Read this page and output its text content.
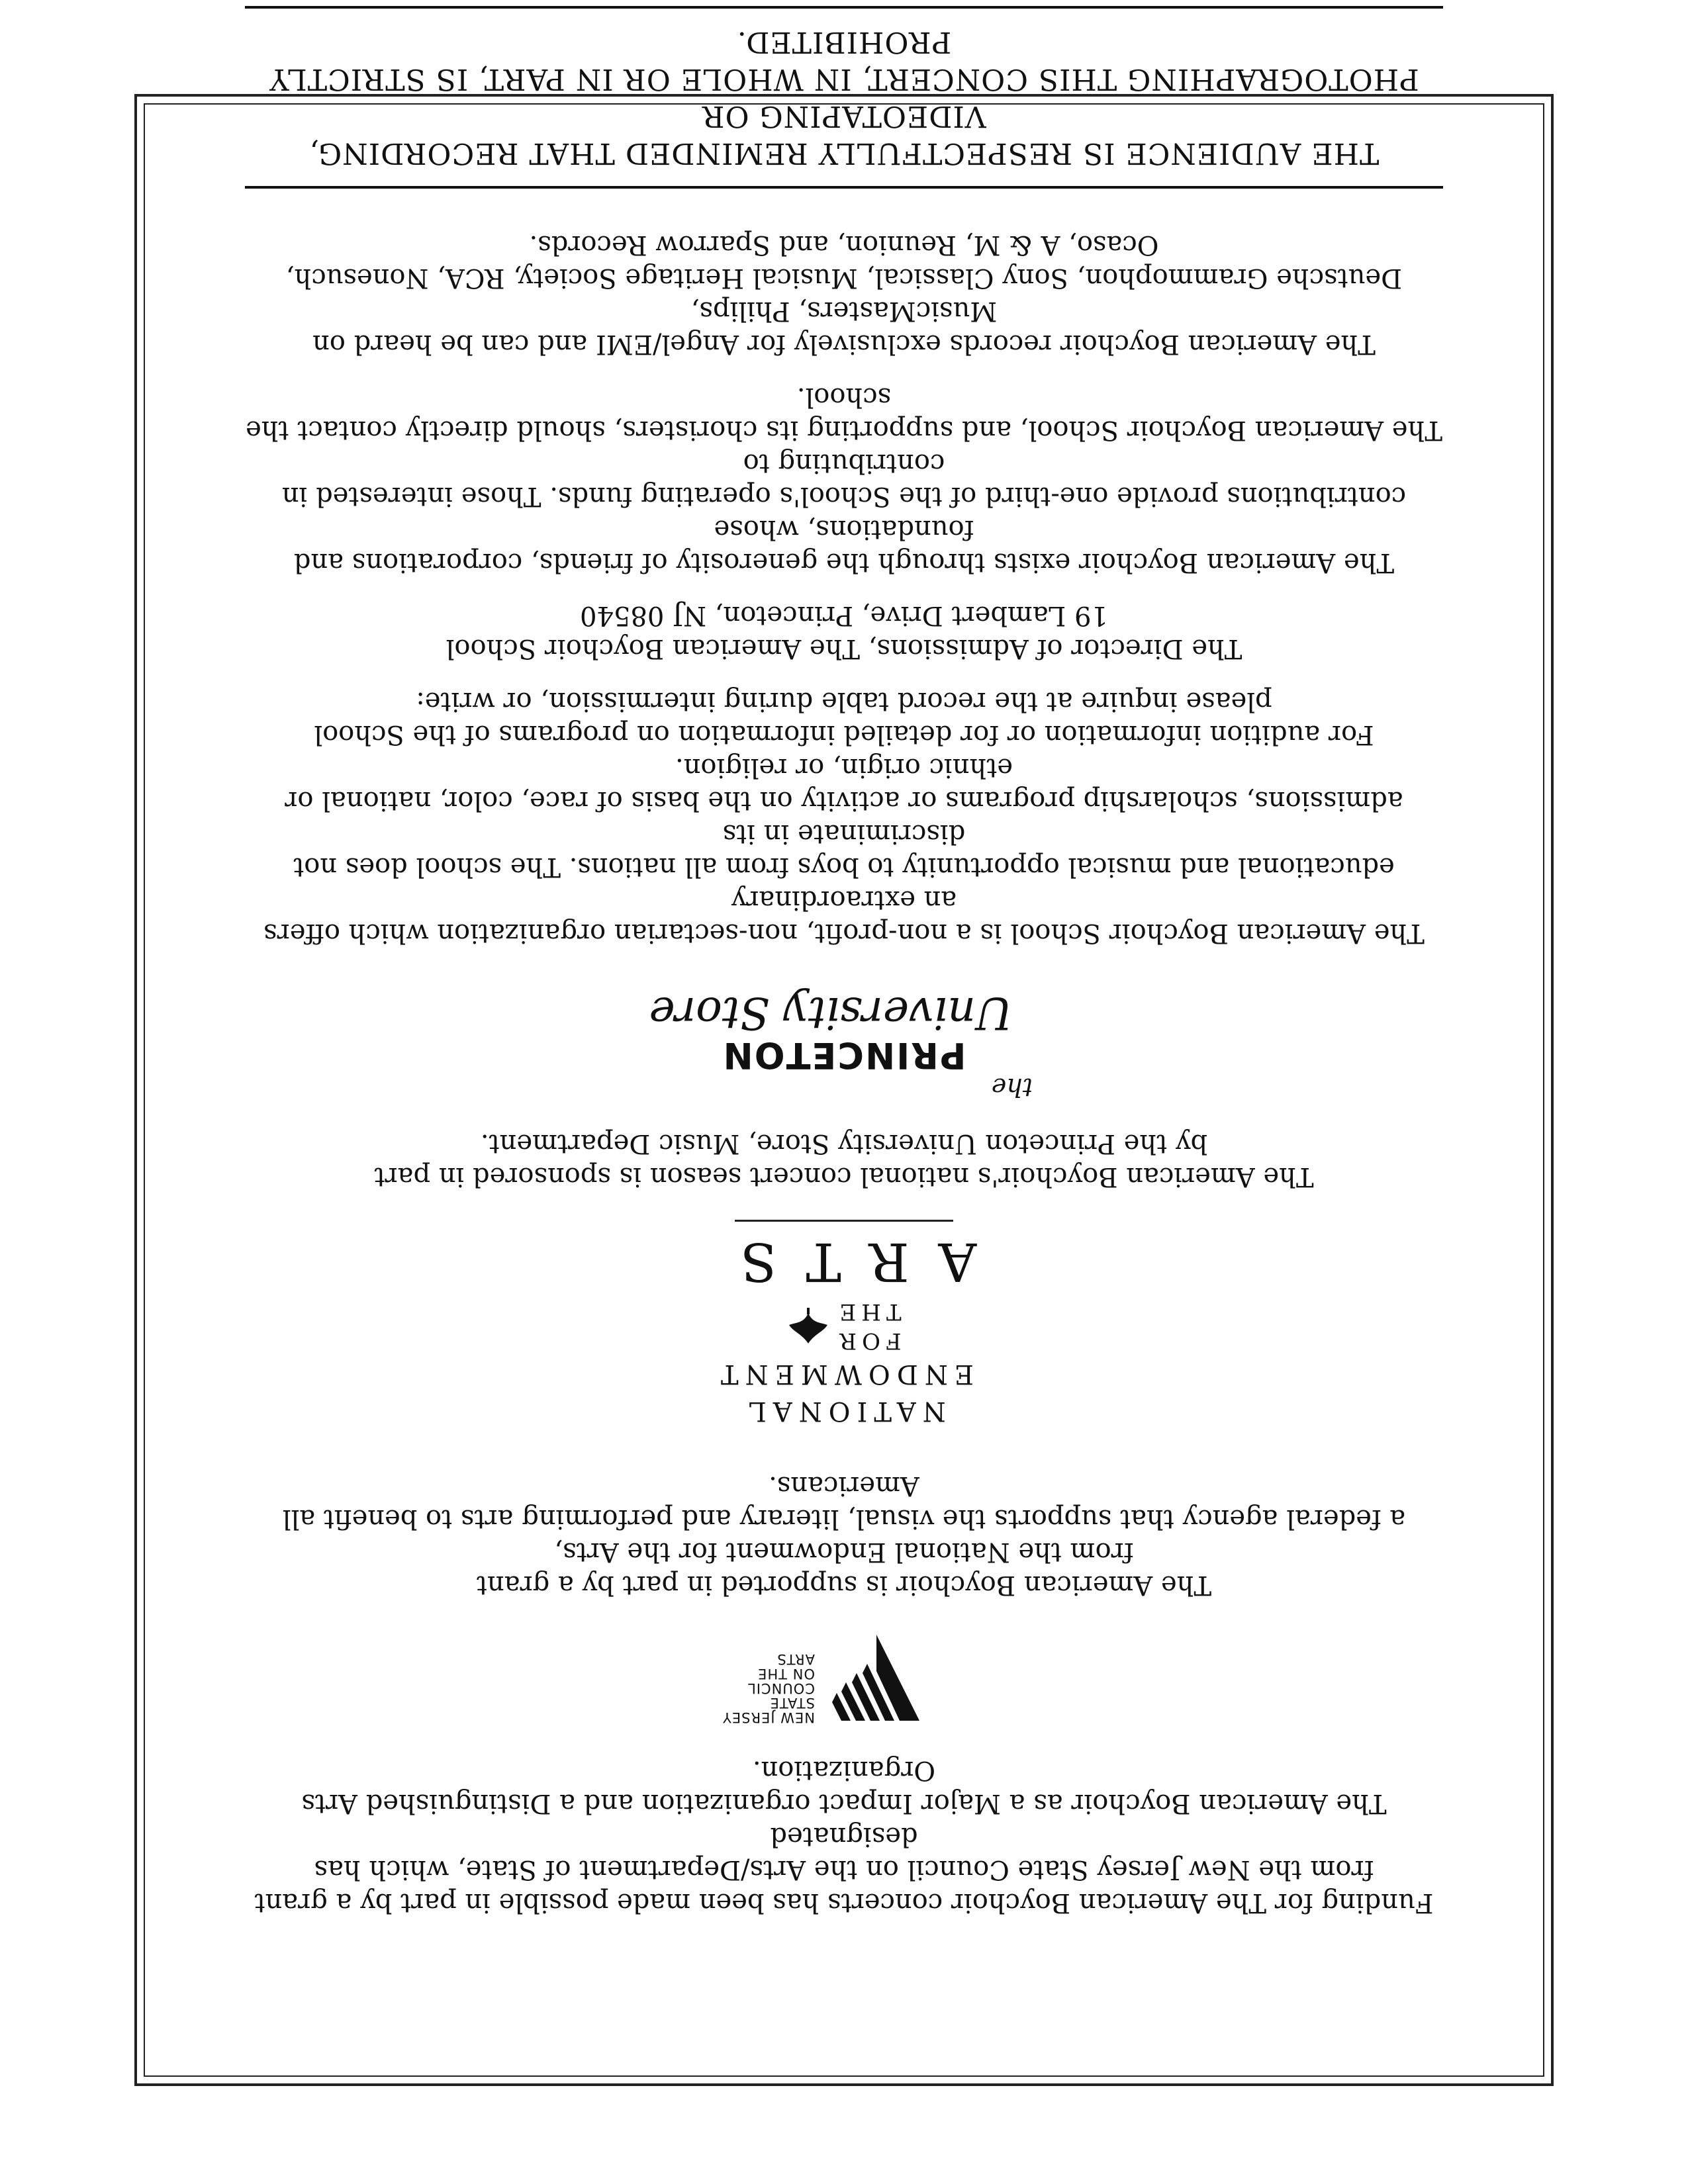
Funding for The American Boychoir concerts has been made possible in part by a grant
from the New Jersey State Council on the Arts/Department of State, which has designated
The American Boychoir as a Major Impact organization and a Distinguished Arts Organization.
NEW JERSEY
STATE
COUNCIL
ON THE
ARTS
The American Boychoir is supported in part by a grant
from the National Endowment for the Arts,
a federal agency that supports the visual, literary and performing arts to benefit all Americans.
NATIONAL
ENDOWMENT
FOR
THE
ARTS
The American Boychoir's national concert season is sponsored in part
by the Princeton University Store, Music Department.
the
PRINCETON
University Store
The American Boychoir School is a non-profit, non-sectarian organization which offers an extraordinary
educational and musical opportunity to boys from all nations. The school does not discriminate in its
admissions, scholarship programs or activity on the basis of race, color, national or ethnic origin, or religion.
For audition information or for detailed information on programs of the School
please inquire at the record table during intermission, or write:
The Director of Admissions, The American Boychoir School
19 Lambert Drive, Princeton, NJ 08540
The American Boychoir exists through the generosity of friends, corporations and foundations, whose
contributions provide one-third of the School's operating funds. Those interested in contributing to
The American Boychoir School, and supporting its choristers, should directly contact the school.
The American Boychoir records exclusively for Angel/EMI and can be heard on MusicMasters, Philips,
Deutsche Grammophon, Sony Classical, Musical Heritage Society, RCA, Nonesuch,
Ocaso, A & M, Reunion, and Sparrow Records.
THE AUDIENCE IS RESPECTFULLY REMINDED THAT RECORDING, VIDEOTAPING OR
PHOTOGRAPHING THIS CONCERT, IN WHOLE OR IN PART, IS STRICTLY PROHIBITED.
